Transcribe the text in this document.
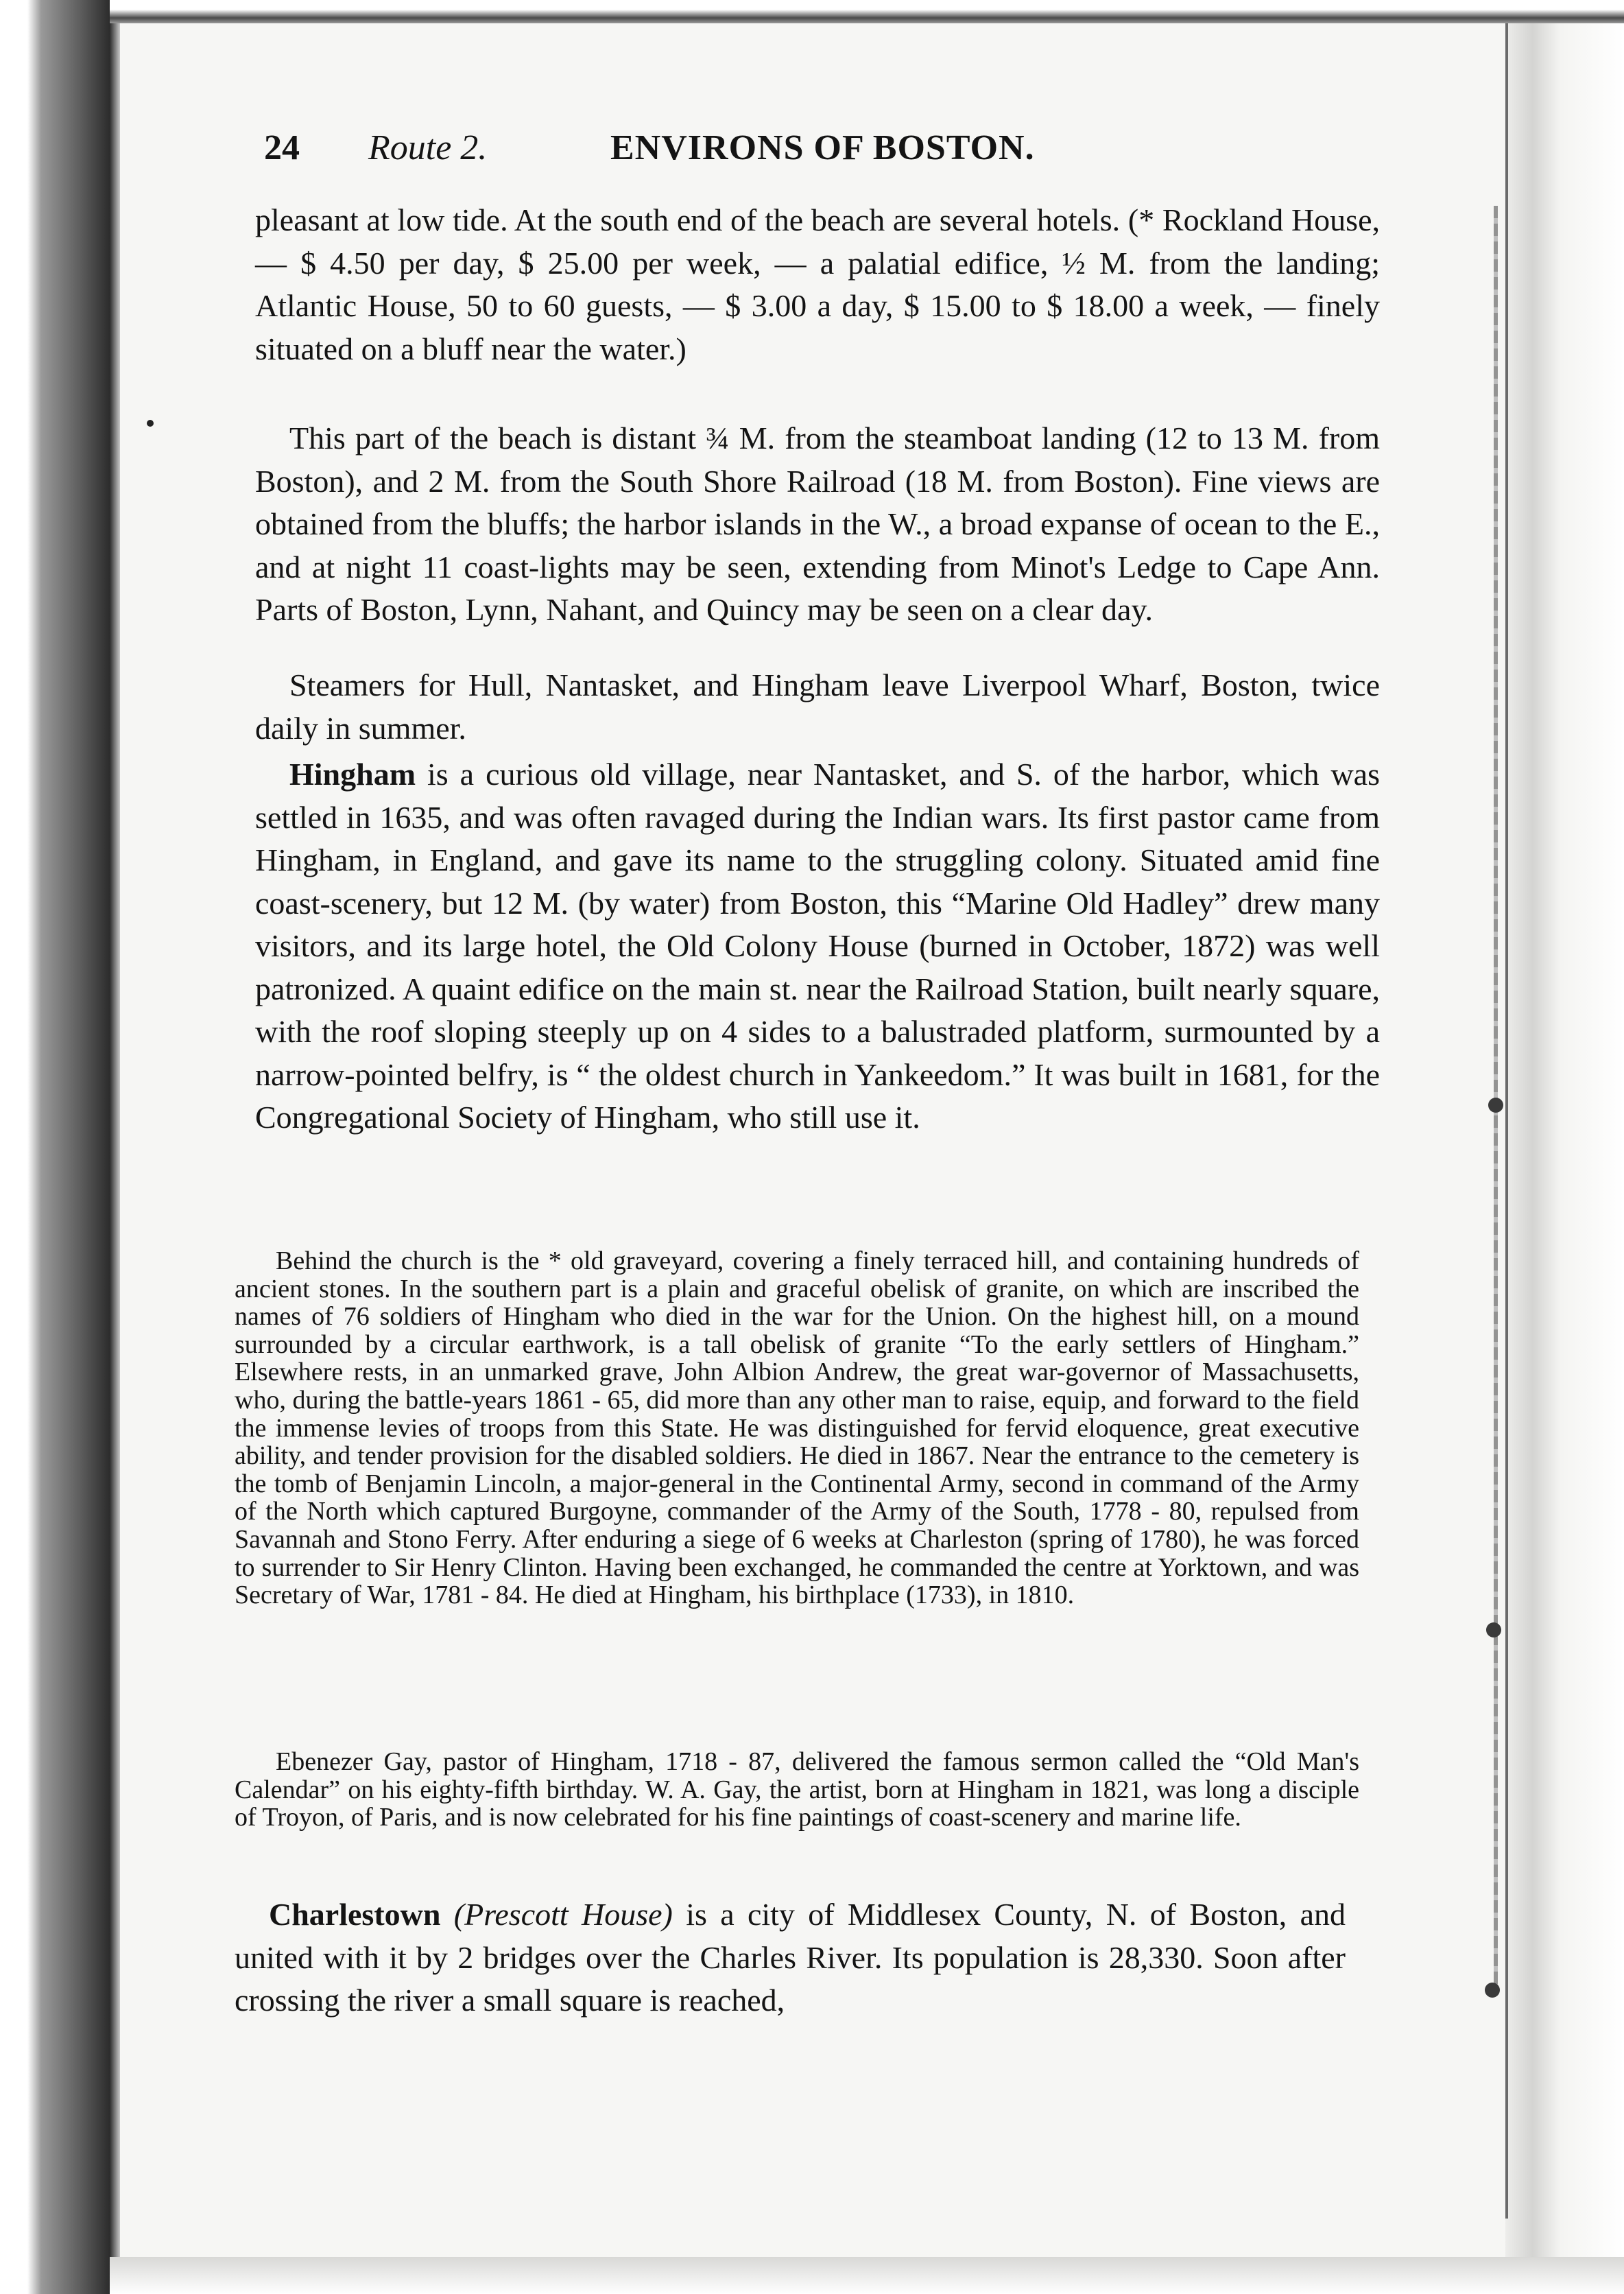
24 Route 2.	ENVIRONS OF BOSTON.

pleasant at low tide. At the south end of the beach are several hotels. (* Rockland House, — $ 4.50 per day, $ 25.00 per week, — a palatial edifice, ½ M. from the landing; Atlantic House, 50 to 60 guests, — $ 3.00 a day, $ 15.00 to $ 18.00 a week, — finely situated on a bluff near the water.)

This part of the beach is distant ¾ M. from the steamboat landing (12 to 13 M. from Boston), and 2 M. from the South Shore Railroad (18 M. from Boston). Fine views are obtained from the bluffs; the harbor islands in the W., a broad expanse of ocean to the E., and at night 11 coast-lights may be seen, extending from Minot's Ledge to Cape Ann. Parts of Boston, Lynn, Nahant, and Quincy may be seen on a clear day.

Steamers for Hull, Nantasket, and Hingham leave Liverpool Wharf, Boston, twice daily in summer.

Hingham is a curious old village, near Nantasket, and S. of the harbor, which was settled in 1635, and was often ravaged during the Indian wars. Its first pastor came from Hingham, in England, and gave its name to the struggling colony. Situated amid fine coast-scenery, but 12 M. (by water) from Boston, this “Marine Old Hadley” drew many visitors, and its large hotel, the Old Colony House (burned in October, 1872) was well patronized. A quaint edifice on the main st. near the Railroad Station, built nearly square, with the roof sloping steeply up on 4 sides to a balustraded platform, surmounted by a narrow-pointed belfry, is “ the oldest church in Yankeedom.” It was built in 1681, for the Congregational Society of Hingham, who still use it.

Behind the church is the * old graveyard, covering a finely terraced hill, and containing hundreds of ancient stones. In the southern part is a plain and graceful obelisk of granite, on which are inscribed the names of 76 soldiers of Hingham who died in the war for the Union. On the highest hill, on a mound surrounded by a circular earthwork, is a tall obelisk of granite “To the early settlers of Hingham.” Elsewhere rests, in an unmarked grave, John Albion Andrew, the great war-governor of Massachusetts, who, during the battle-years 1861 - 65, did more than any other man to raise, equip, and forward to the field the immense levies of troops from this State. He was distinguished for fervid eloquence, great executive ability, and tender provision for the disabled soldiers. He died in 1867. Near the entrance to the cemetery is the tomb of Benjamin Lincoln, a major-general in the Continental Army, second in command of the Army of the North which captured Burgoyne, commander of the Army of the South, 1778 - 80, repulsed from Savannah and Stono Ferry. After enduring a siege of 6 weeks at Charleston (spring of 1780), he was forced to surrender to Sir Henry Clinton. Having been exchanged, he commanded the centre at Yorktown, and was Secretary of War, 1781 - 84. He died at Hingham, his birthplace (1733), in 1810.

Ebenezer Gay, pastor of Hingham, 1718 - 87, delivered the famous sermon called the “Old Man's Calendar” on his eighty-fifth birthday. W. A. Gay, the artist, born at Hingham in 1821, was long a disciple of Troyon, of Paris, and is now celebrated for his fine paintings of coast-scenery and marine life.

Charlestown (Prescott House) is a city of Middlesex County, N. of Boston, and united with it by 2 bridges over the Charles River. Its population is 28,330. Soon after crossing the river a small square is reached,
